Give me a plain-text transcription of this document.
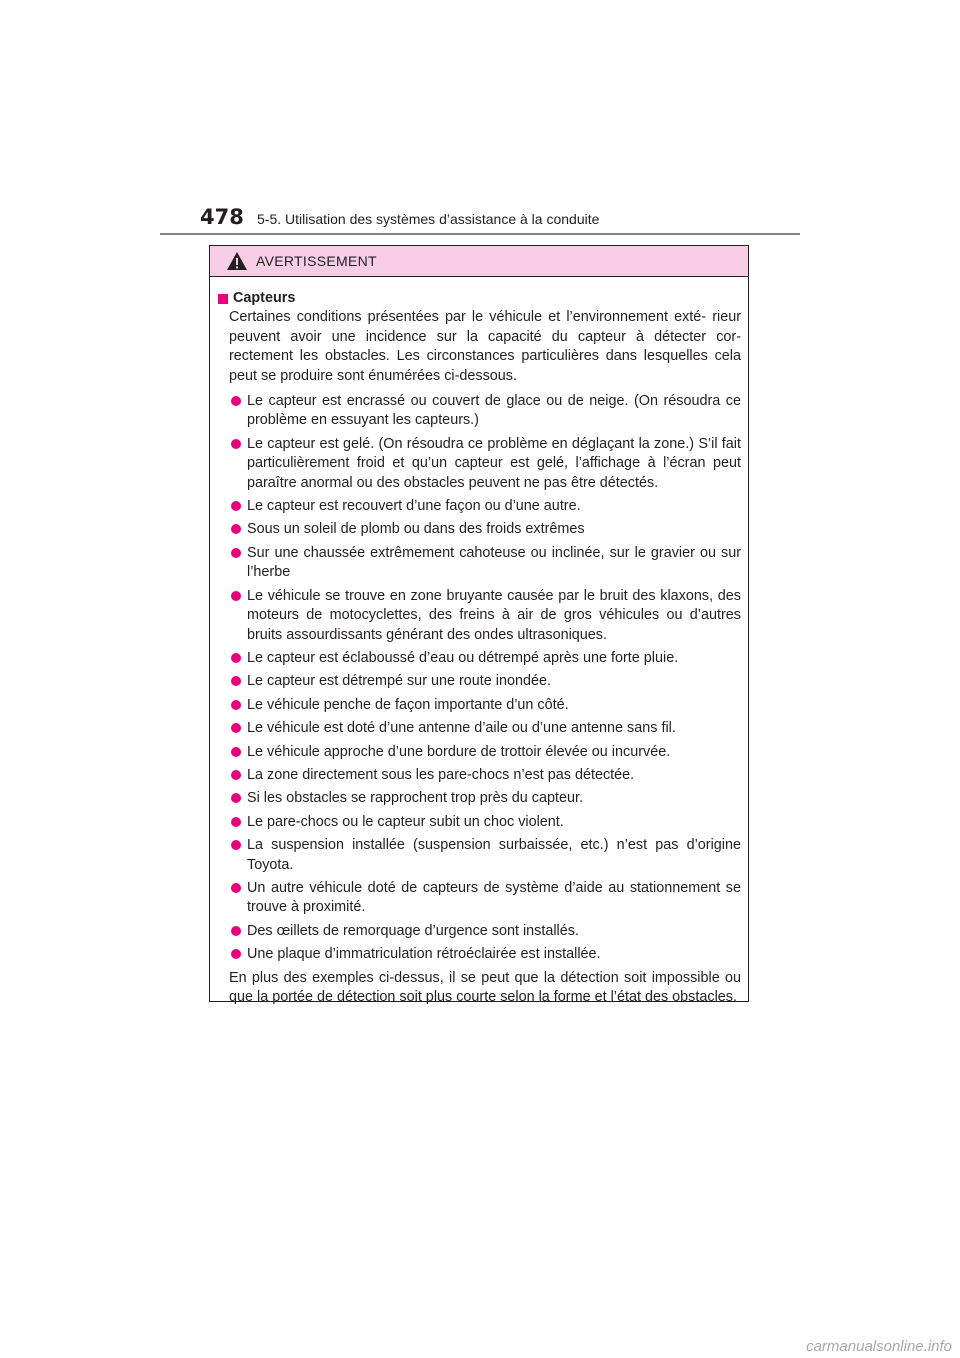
478 5-5. Utilisation des systèmes d’assistance à la conduite
AVERTISSEMENT
Capteurs
Certaines conditions présentées par le véhicule et l’environnement exté- rieur peuvent avoir une incidence sur la capacité du capteur à détecter cor- rectement les obstacles. Les circonstances particulières dans lesquelles cela peut se produire sont énumérées ci-dessous.
Le capteur est encrassé ou couvert de glace ou de neige. (On résoudra ce problème en essuyant les capteurs.)
Le capteur est gelé. (On résoudra ce problème en déglaçant la zone.) S’il fait particulièrement froid et qu’un capteur est gelé, l’affichage à l’écran peut paraître anormal ou des obstacles peuvent ne pas être détectés.
Le capteur est recouvert d’une façon ou d’une autre.
Sous un soleil de plomb ou dans des froids extrêmes
Sur une chaussée extrêmement cahoteuse ou inclinée, sur le gravier ou sur l’herbe
Le véhicule se trouve en zone bruyante causée par le bruit des klaxons, des moteurs de motocyclettes, des freins à air de gros véhicules ou d’autres bruits assourdissants générant des ondes ultrasoniques.
Le capteur est éclaboussé d’eau ou détrempé après une forte pluie.
Le capteur est détrempé sur une route inondée.
Le véhicule penche de façon importante d’un côté.
Le véhicule est doté d’une antenne d’aile ou d’une antenne sans fil.
Le véhicule approche d’une bordure de trottoir élevée ou incurvée.
La zone directement sous les pare-chocs n’est pas détectée.
Si les obstacles se rapprochent trop près du capteur.
Le pare-chocs ou le capteur subit un choc violent.
La suspension installée (suspension surbaissée, etc.) n’est pas d’origine Toyota.
Un autre véhicule doté de capteurs de système d’aide au stationnement se trouve à proximité.
Des œillets de remorquage d’urgence sont installés.
Une plaque d’immatriculation rétroéclairée est installée.
En plus des exemples ci-dessus, il se peut que la détection soit impossible ou que la portée de détection soit plus courte selon la forme et l’état des obstacles.
carmanualsonline.info
